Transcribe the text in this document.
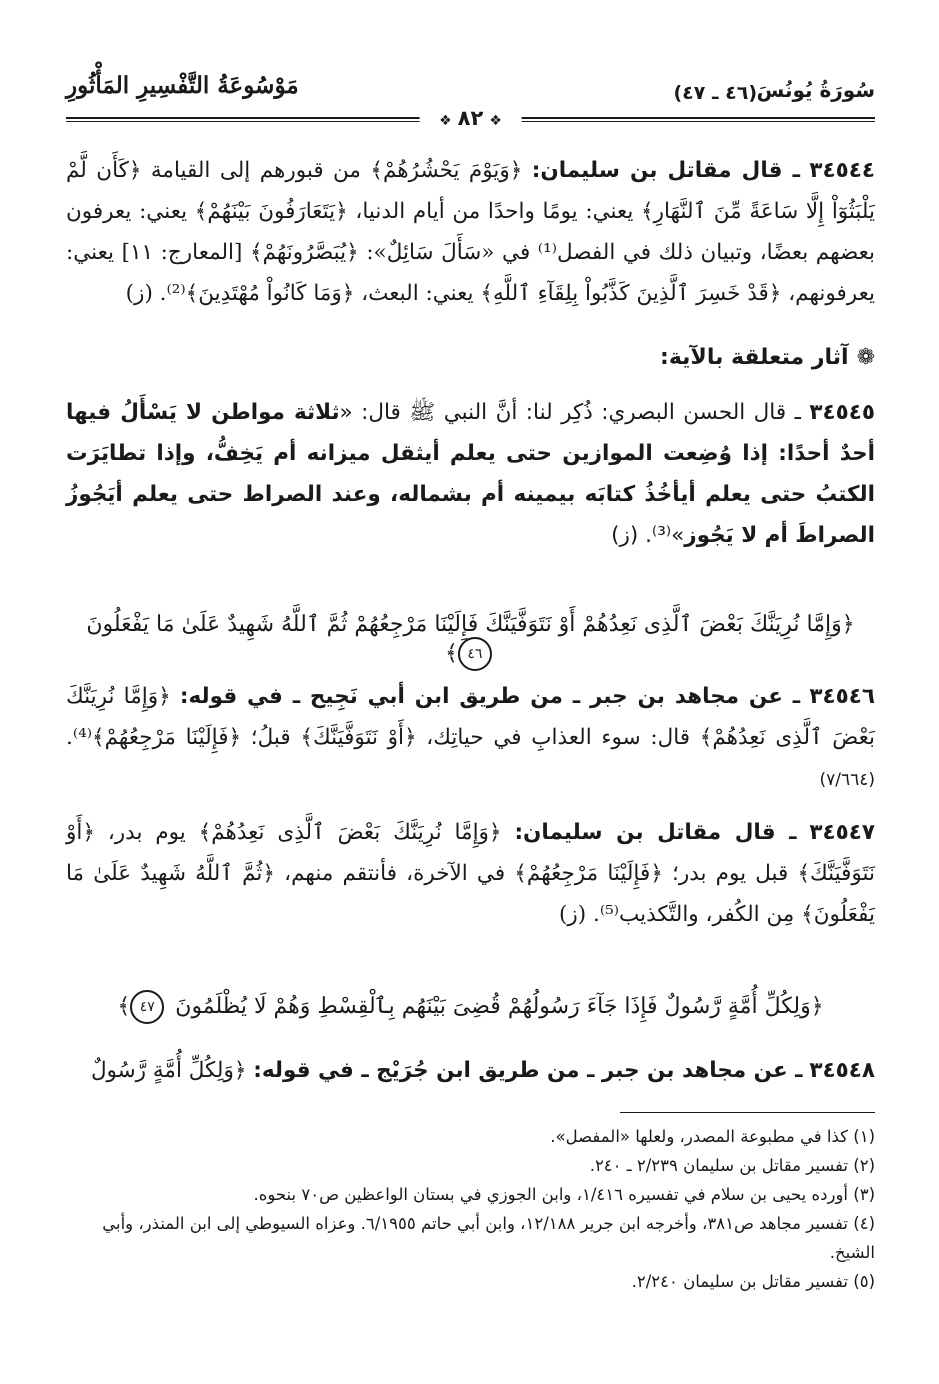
سُورَةُ يُونُسَ
(٤٦ ـ ٤٧)
مَوْسُوعَةُ التَّفْسِيرِ المَأْثُورِ
❖٨٢❖
٣٤٥٤٤ ـ قال مقاتل بن سليمان: ﴿وَيَوْمَ يَحْشُرُهُمْ﴾ من قبورهم إلى القيامة ﴿كَأَن لَّمْ يَلْبَثُوٓاْ إِلَّا سَاعَةً مِّنَ ٱلنَّهَارِ﴾ يعني: يومًا واحدًا من أيام الدنيا، ﴿يَتَعَارَفُونَ بَيْنَهُمْ﴾ يعني: يعرفون بعضهم بعضًا، وتبيان ذلك في الفصل⁽¹⁾ في «سَأَلَ سَائِلٌ»: ﴿يُبَصَّرُونَهُمْ﴾ [المعارج: ١١] يعني: يعرفونهم، ﴿قَدْ خَسِرَ ٱلَّذِينَ كَذَّبُواْ بِلِقَآءِ ٱللَّهِ﴾ يعني: البعث، ﴿وَمَا كَانُواْ مُهْتَدِينَ﴾⁽²⁾. (ز)
❁آثار متعلقة بالآية:
٣٤٥٤٥ ـ قال الحسن البصري: ذُكِر لنا: أنَّ النبي ﷺ قال: «ثلاثة مواطن لا يَسْأَلُ فيها أحدٌ أحدًا: إذا وُضِعت الموازين حتى يعلم أيثقل ميزانه أم يَخِفُّ، وإذا تطايَرَت الكتبُ حتى يعلم أيأخُذُ كتابَه بيمينه أم بشماله، وعند الصراط حتى يعلم أيَجُوزُ الصراطَ أم لا يَجُوز»⁽³⁾. (ز)
﴿وَإِمَّا نُرِيَنَّكَ بَعْضَ ٱلَّذِى نَعِدُهُمْ أَوْ نَتَوَفَّيَنَّكَ فَإِلَيْنَا مَرْجِعُهُمْ ثُمَّ ٱللَّهُ شَهِيدٌ عَلَىٰ مَا يَفْعَلُونَ ٤٦﴾
٣٤٥٤٦ ـ عن مجاهد بن جبر ـ من طريق ابن أبي نَجِيح ـ في قوله: ﴿وَإِمَّا نُرِيَنَّكَ بَعْضَ ٱلَّذِى نَعِدُهُمْ﴾ قال: سوء العذابِ في حياتِك، ﴿أَوْ نَتَوَفَّيَنَّكَ﴾ قبلُ؛ ﴿فَإِلَيْنَا مَرْجِعُهُمْ﴾⁽⁴⁾. (٧/٦٦٤)
٣٤٥٤٧ ـ قال مقاتل بن سليمان: ﴿وَإِمَّا نُرِيَنَّكَ بَعْضَ ٱلَّذِى نَعِدُهُمْ﴾ يوم بدر، ﴿أَوْ نَتَوَفَّيَنَّكَ﴾ قبل يوم بدر؛ ﴿فَإِلَيْنَا مَرْجِعُهُمْ﴾ في الآخرة، فأنتقم منهم، ﴿ثُمَّ ٱللَّهُ شَهِيدٌ عَلَىٰ مَا يَفْعَلُونَ﴾ مِن الكُفر، والتَّكذيب⁽⁵⁾. (ز)
﴿وَلِكُلِّ أُمَّةٍ رَّسُولٌ فَإِذَا جَآءَ رَسُولُهُمْ قُضِىَ بَيْنَهُم بِٱلْقِسْطِ وَهُمْ لَا يُظْلَمُونَ ٤٧﴾
٣٤٥٤٨ ـ عن مجاهد بن جبر ـ من طريق ابن جُرَيْج ـ في قوله: ﴿وَلِكُلِّ أُمَّةٍ رَّسُولٌ

(١) كذا في مطبوعة المصدر، ولعلها «المفصل».

(٢) تفسير مقاتل بن سليمان ٢/٢٣٩ ـ ٢٤٠.

(٣) أورده يحيى بن سلام في تفسيره ١/٤١٦، وابن الجوزي في بستان الواعظين ص٧٠ بنحوه.

(٤) تفسير مجاهد ص٣٨١، وأخرجه ابن جرير ١٢/١٨٨، وابن أبي حاتم ٦/١٩٥٥. وعزاه السيوطي إلى ابن المنذر، وأبي الشيخ.

(٥) تفسير مقاتل بن سليمان ٢/٢٤٠.
